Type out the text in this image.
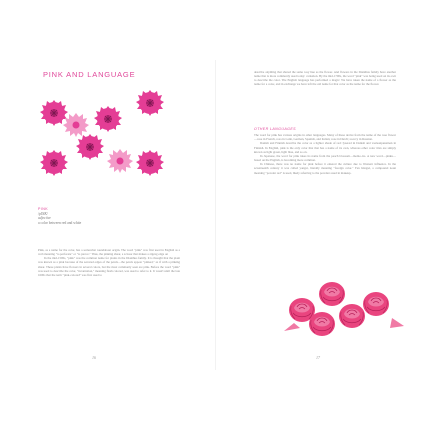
PINK AND LANGUAGE
PINK
/pINK/
adjective
a color between red and white

Pink, as a name for the color, has a somewhat roundabout origin. The word "pink" was first used in English as a verb meaning "to perforate" or "to pierce." Thus, the pinking shear, a scissor that makes a zigzag edge on

In the mid-1500s, "pink" was the common name for plants in the Dianthus family. It is thought that the plant was known as a pink because of the serrated edges of the petals—the petals appear "pinked," as if with a pinking shear. These plants have flowers in several colors, but the most commonly seen are pink. Before the word "pink" was used to describe the color, "incarnation," meaning flesh colored, was used to refer to it. It wasn't until the late 1600s that the term "pink-colored" was first used to

16

describe anything that shared the same rosy hue as the flower. And flowers in the Dianthus family have another name that is more commonly used today: carnation. By the mid-1700s, the word "pink" was being used on its own to describe the color. The English language has performed a magic: We have taken the name of a flower as the name for a color, and in exchange we have left the old name for that color as the name for the flower.

OTHER LANGUAGES

The word for pink has various origins in other languages. Many of these derive from the name of the rose flower—rose in French, rosa in Latin, German, Spanish, and Italian; roze in Dutch; rozovy in Russian.

Danish and Finnish describe the color as a lighter shade of red: lyserød in Danish and vaaleanpunainen in Finnish. In English, pink is the only color that that has a name of its own, whereas other color tints are simply known as light green, light blue, and so on.

In Japanese, the word for pink takes its name from the peach blossom—momo-iro. A new word—pinku—based on the English, is becoming more common.

In Chinese, there was no name for pink before it entered the culture due to Western influence. In the seventeenth century it was called yangai, literally meaning "foreign color." Fen hóngsè, a compound noun meaning "powder red" is used, likely referring to the powders used in makeup.

17
